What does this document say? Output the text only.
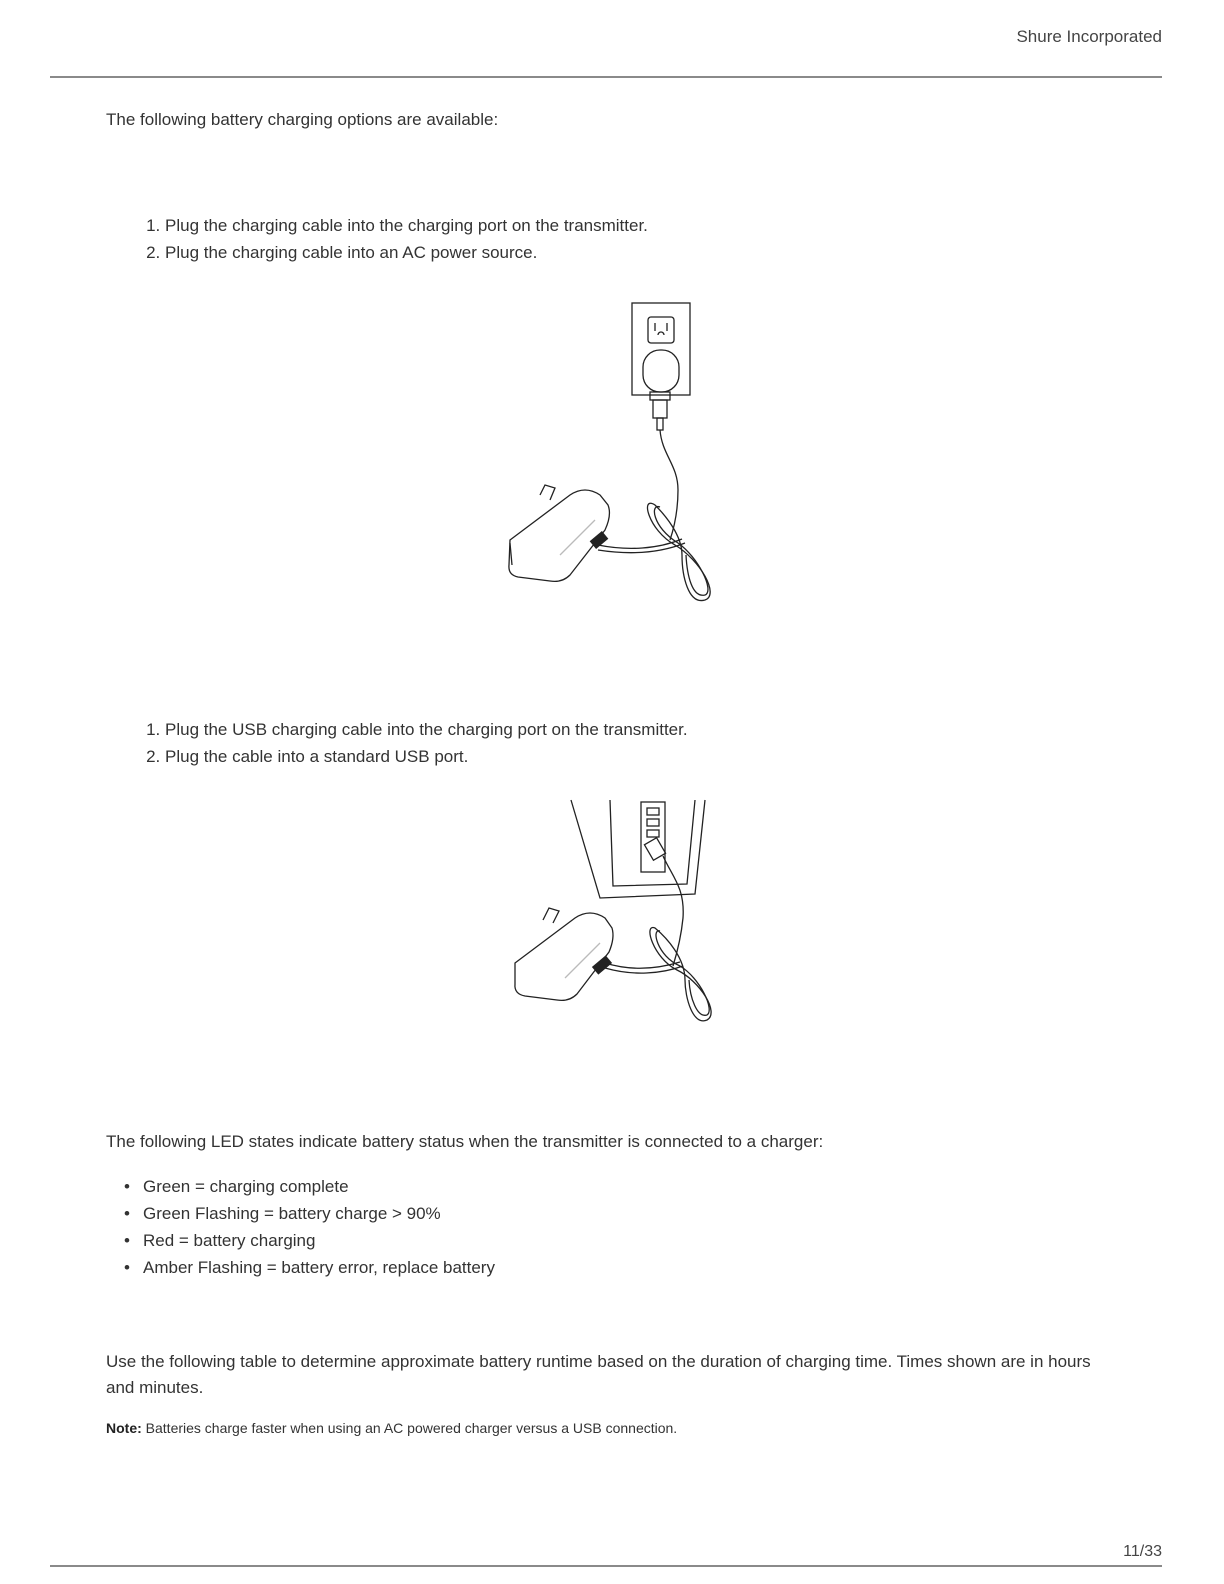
Shure Incorporated
The following battery charging options are available:
1. Plug the charging cable into the charging port on the transmitter.
2. Plug the charging cable into an AC power source.
1. Plug the USB charging cable into the charging port on the transmitter.
2. Plug the cable into a standard USB port.
The following LED states indicate battery status when the transmitter is connected to a charger:
• Green = charging complete
• Green Flashing = battery charge > 90%
• Red = battery charging
• Amber Flashing = battery error, replace battery
Use the following table to determine approximate battery runtime based on the duration of charging time. Times shown are in hours and minutes.
Note: Batteries charge faster when using an AC powered charger versus a USB connection.
11/33
